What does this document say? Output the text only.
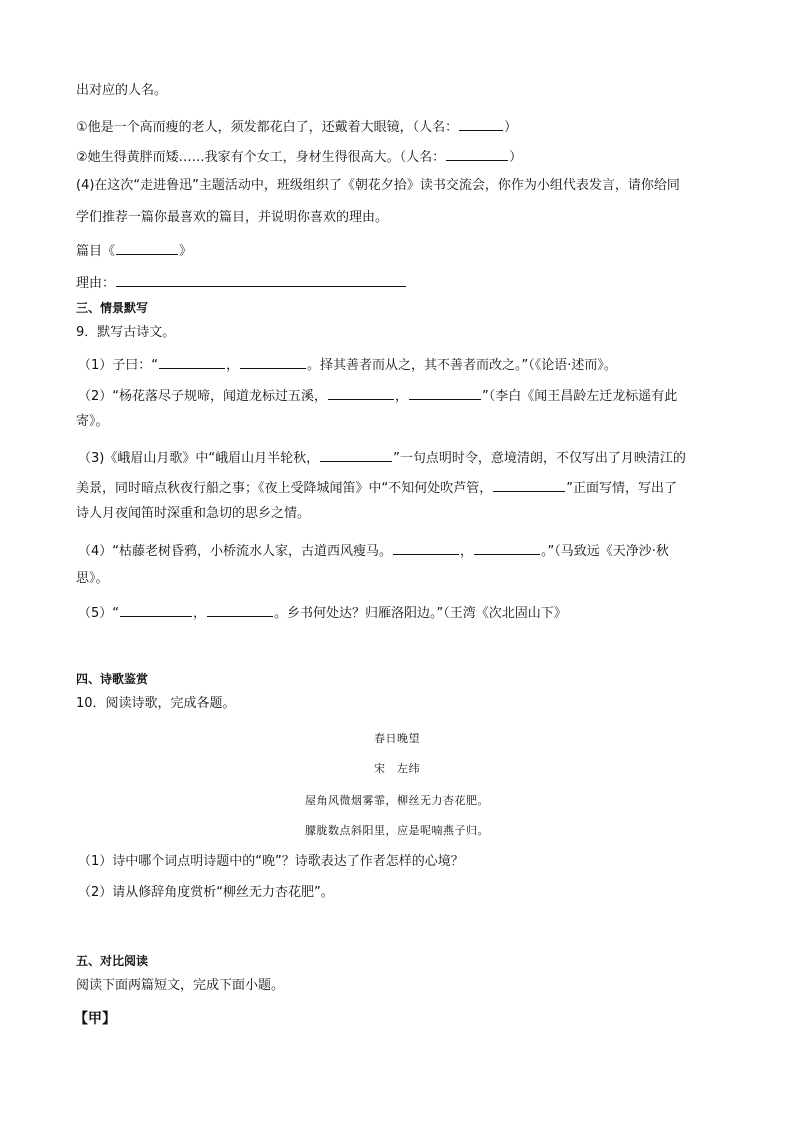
出对应的人名。
①他是一个高而瘦的老人，须发都花白了，还戴着大眼镜，（人名：	）
②她生得黄胖而矮……我家有个女工，身材生得很高大。（人名：	）
(4)在这次“走进鲁迅”主题活动中，班级组织了《朝花夕拾》读书交流会，你作为小组代表发言，请你给同
学们推荐一篇你最喜欢的篇目，并说明你喜欢的理由。
篇目《	》
理由：
三、情景默写
9．默写古诗文。
（1）子曰：“	，	。择其善者而从之，其不善者而改之。”（《论语·述而》。
（2）“杨花落尽子规啼，闻道龙标过五溪，	，	”（李白《闻王昌龄左迁龙标遥有此
寄》。
（3)《峨眉山月歌》中“峨眉山月半轮秋，	”一句点明时令，意境清朗，不仅写出了月映清江的
美景，同时暗点秋夜行船之事；《夜上受降城闻笛》中“不知何处吹芦管，	”正面写情，写出了
诗人月夜闻笛时深重和急切的思乡之情。
（4）“枯藤老树昏鸦，小桥流水人家，古道西风瘦马。	，	。”（马致远《天净沙·秋
思》。
（5）“	，	。乡书何处达？归雁洛阳边。”（王湾《次北固山下》
四、诗歌鉴赏
10．阅读诗歌，完成各题。
春日晚望
宋　左纬
屋角风微烟雾霏，柳丝无力杏花肥。
朦胧数点斜阳里，应是呢喃燕子归。
（1）诗中哪个词点明诗题中的“晚”？诗歌表达了作者怎样的心境？
（2）请从修辞角度赏析“柳丝无力杏花肥”。
五、对比阅读
阅读下面两篇短文，完成下面小题。
【甲】
